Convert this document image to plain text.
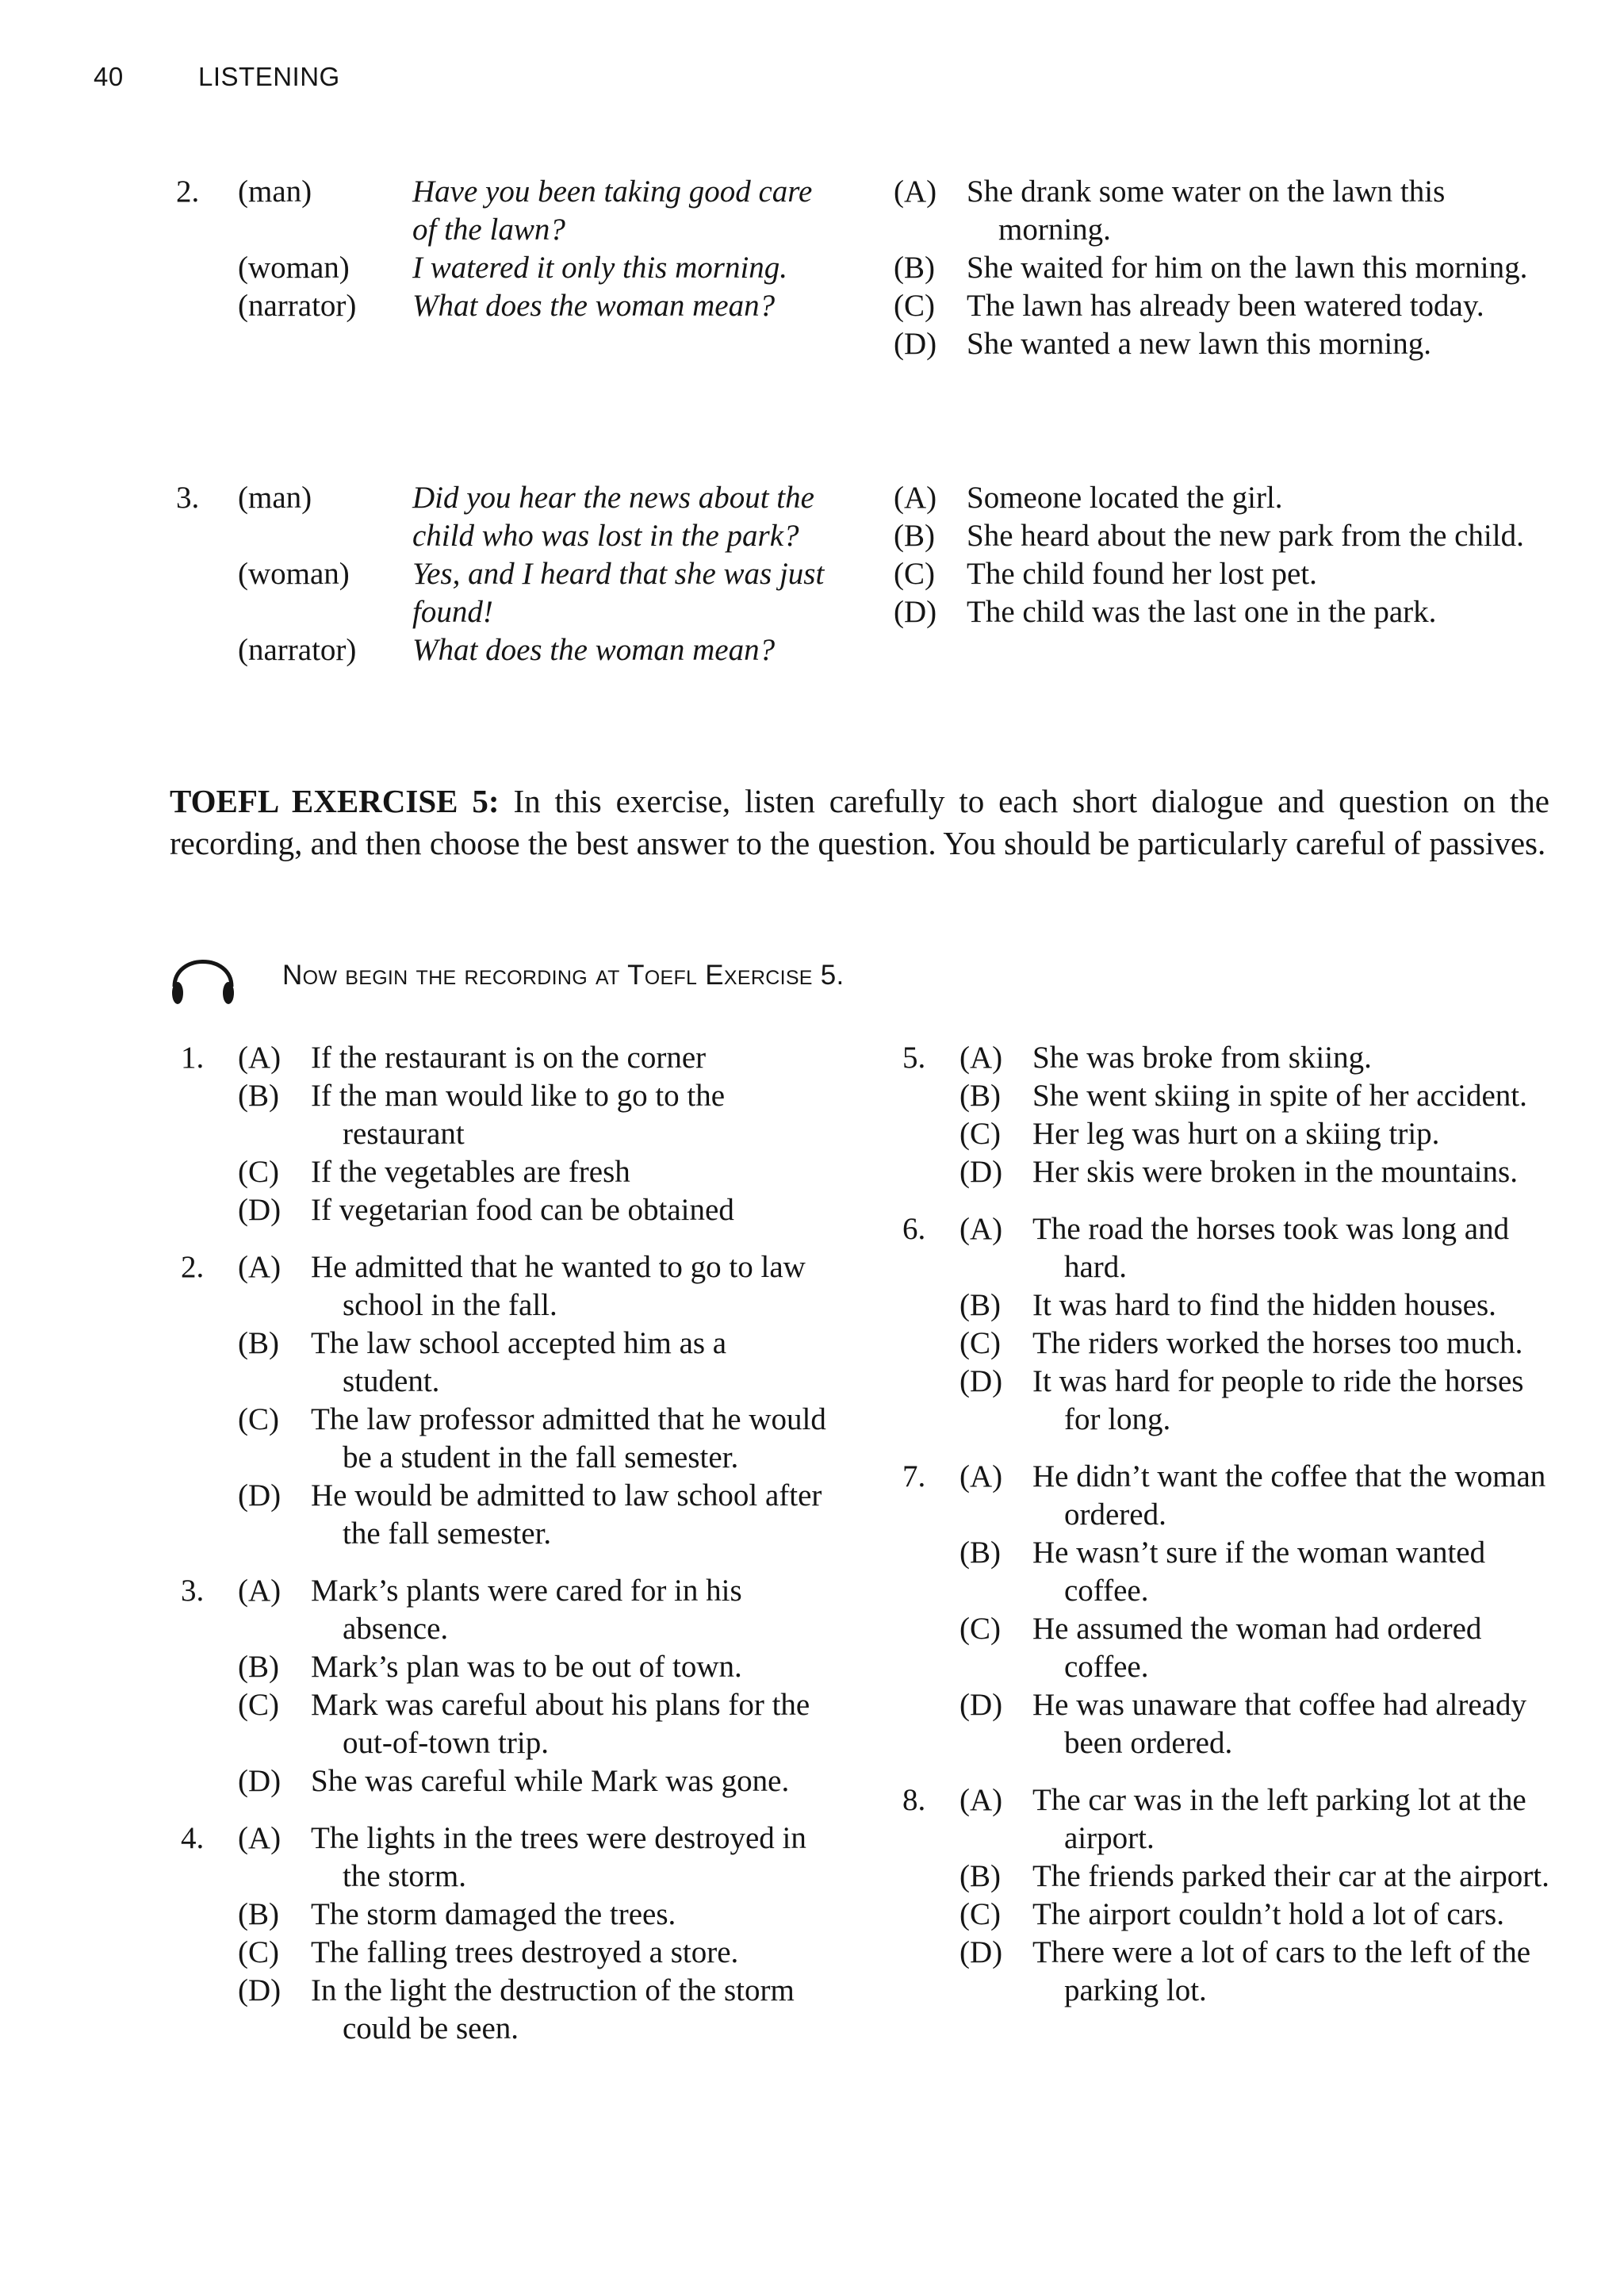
40	LISTENING
2.	(man)	Have you been taking good care of the lawn?
(woman)	I watered it only this morning.
(narrator)	What does the woman mean?
(A) She drank some water on the lawn this morning.
(B)	She waited for him on the lawn this morning.
(C)	The lawn has already been watered today.
(D) She wanted a new lawn this morning.
3.	(man)	Did you hear the news about the child who was lost in the park?
(woman)	Yes, and I heard that she was just found!
(narrator)	What does the woman mean?
(A) Someone located the girl.
(B)	She heard about the new park from the child.
(C)	The child found her lost pet.
(D) The child was the last one in the park.
TOEFL EXERCISE 5: In this exercise, listen carefully to each short dialogue and question on the recording, and then choose the best answer to the question. You should be particularly careful of passives.
Now begin the recording at Toefl Exercise 5.
1.	(A) If the restaurant is on the corner
(B)	If the man would like to go to the restaurant
(C)	If the vegetables are fresh
(D) If vegetarian food can be obtained
2.	(A) He admitted that he wanted to go to law school in the fall.
(B)	The law school accepted him as a student.
(C)	The law professor admitted that he would be a student in the fall semester.
(D) He would be admitted to law school after the fall semester.
3.	(A) Mark’s plants were cared for in his absence.
(B)	Mark’s plan was to be out of town.
(C)	Mark was careful about his plans for the out-of-town trip.
(D) She was careful while Mark was gone.
4.	(A) The lights in the trees were destroyed in the storm.
(B)	The storm damaged the trees.
(C)	The falling trees destroyed a store.
(D) In the light the destruction of the storm could be seen.
5.	(A) She was broke from skiing.
(B)	She went skiing in spite of her accident.
(C)	Her leg was hurt on a skiing trip.
(D) Her skis were broken in the mountains.
6.	(A) The road the horses took was long and hard.
(B)	It was hard to find the hidden houses.
(C)	The riders worked the horses too much.
(D) It was hard for people to ride the horses for long.
7.	(A) He didn’t want the coffee that the woman ordered.
(B)	He wasn’t sure if the woman wanted coffee.
(C)	He assumed the woman had ordered coffee.
(D) He was unaware that coffee had already been ordered.
8.	(A) The car was in the left parking lot at the airport.
(B)	The friends parked their car at the airport.
(C)	The airport couldn’t hold a lot of cars.
(D) There were a lot of cars to the left of the parking lot.
